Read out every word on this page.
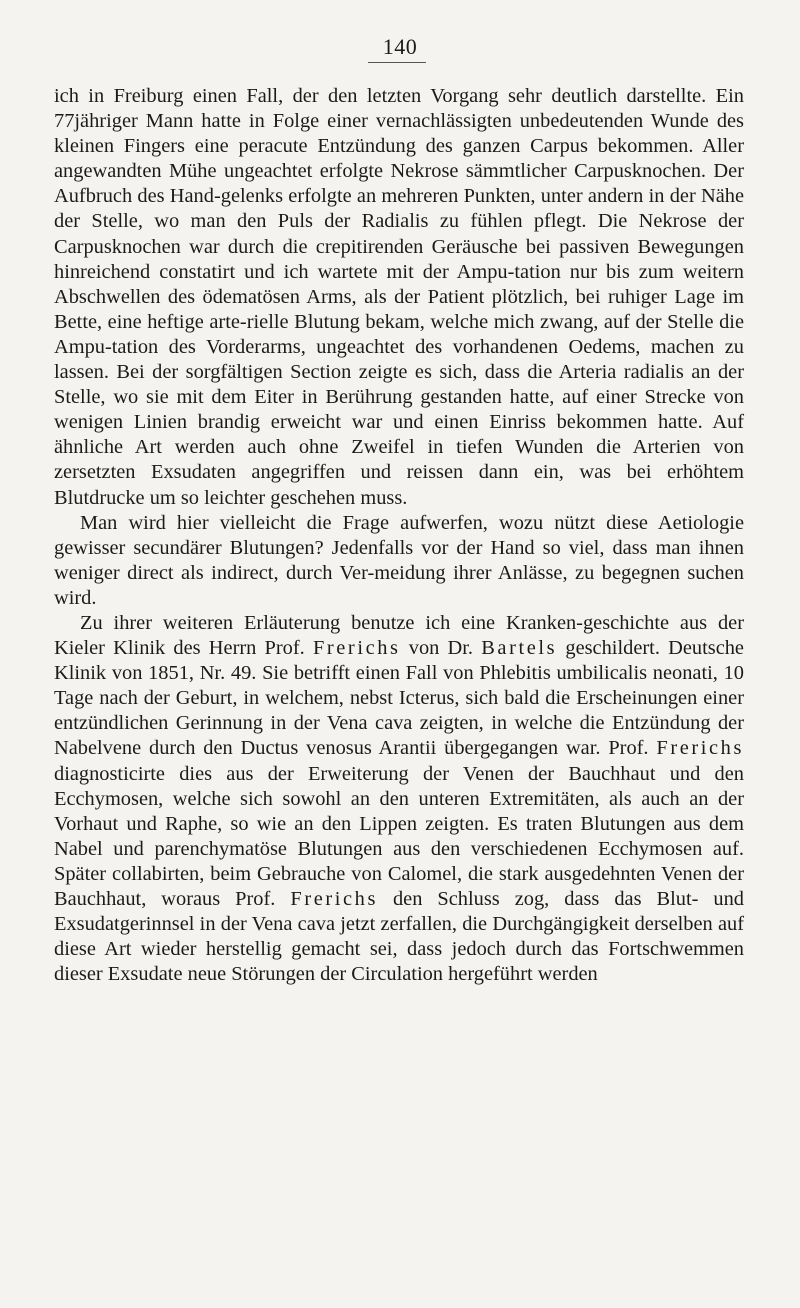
140

ich in Freiburg einen Fall, der den letzten Vorgang sehr deutlich darstellte. Ein 77jähriger Mann hatte in Folge einer vernachlässigten unbedeutenden Wunde des kleinen Fingers eine peracute Entzündung des ganzen Carpus bekommen. Aller angewandten Mühe ungeachtet erfolgte Nekrose sämmtlicher Carpusknochen. Der Aufbruch des Hand-gelenks erfolgte an mehreren Punkten, unter andern in der Nähe der Stelle, wo man den Puls der Radialis zu fühlen pflegt. Die Nekrose der Carpusknochen war durch die crepitirenden Geräusche bei passiven Bewegungen hinreichend constatirt und ich wartete mit der Ampu-tation nur bis zum weitern Abschwellen des ödematösen Arms, als der Patient plötzlich, bei ruhiger Lage im Bette, eine heftige arte-rielle Blutung bekam, welche mich zwang, auf der Stelle die Ampu-tation des Vorderarms, ungeachtet des vorhandenen Oedems, machen zu lassen. Bei der sorgfältigen Section zeigte es sich, dass die Arteria radialis an der Stelle, wo sie mit dem Eiter in Berührung gestanden hatte, auf einer Strecke von wenigen Linien brandig erweicht war und einen Einriss bekommen hatte. Auf ähnliche Art werden auch ohne Zweifel in tiefen Wunden die Arterien von zersetzten Exsudaten angegriffen und reissen dann ein, was bei erhöhtem Blutdrucke um so leichter geschehen muss.

Man wird hier vielleicht die Frage aufwerfen, wozu nützt diese Aetiologie gewisser secundärer Blutungen? Jedenfalls vor der Hand so viel, dass man ihnen weniger direct als indirect, durch Ver-meidung ihrer Anlässe, zu begegnen suchen wird.

Zu ihrer weiteren Erläuterung benutze ich eine Kranken-geschichte aus der Kieler Klinik des Herrn Prof. Frerichs von Dr. Bartels geschildert. Deutsche Klinik von 1851, Nr. 49. Sie betrifft einen Fall von Phlebitis umbilicalis neonati, 10 Tage nach der Geburt, in welchem, nebst Icterus, sich bald die Erscheinungen einer entzündlichen Gerinnung in der Vena cava zeigten, in welche die Entzündung der Nabelvene durch den Ductus venosus Arantii übergegangen war. Prof. Frerichs diagnosticirte dies aus der Erweiterung der Venen der Bauchhaut und den Ecchymosen, welche sich sowohl an den unteren Extremitäten, als auch an der Vorhaut und Raphe, so wie an den Lippen zeigten. Es traten Blutungen aus dem Nabel und parenchymatöse Blutungen aus den verschiedenen Ecchymosen auf. Später collabirten, beim Gebrauche von Calomel, die stark ausgedehnten Venen der Bauchhaut, woraus Prof. Frerichs den Schluss zog, dass das Blut- und Exsudatgerinnsel in der Vena cava jetzt zerfallen, die Durchgängigkeit derselben auf diese Art wieder herstellig gemacht sei, dass jedoch durch das Fortschwemmen dieser Exsudate neue Störungen der Circulation hergeführt werden
